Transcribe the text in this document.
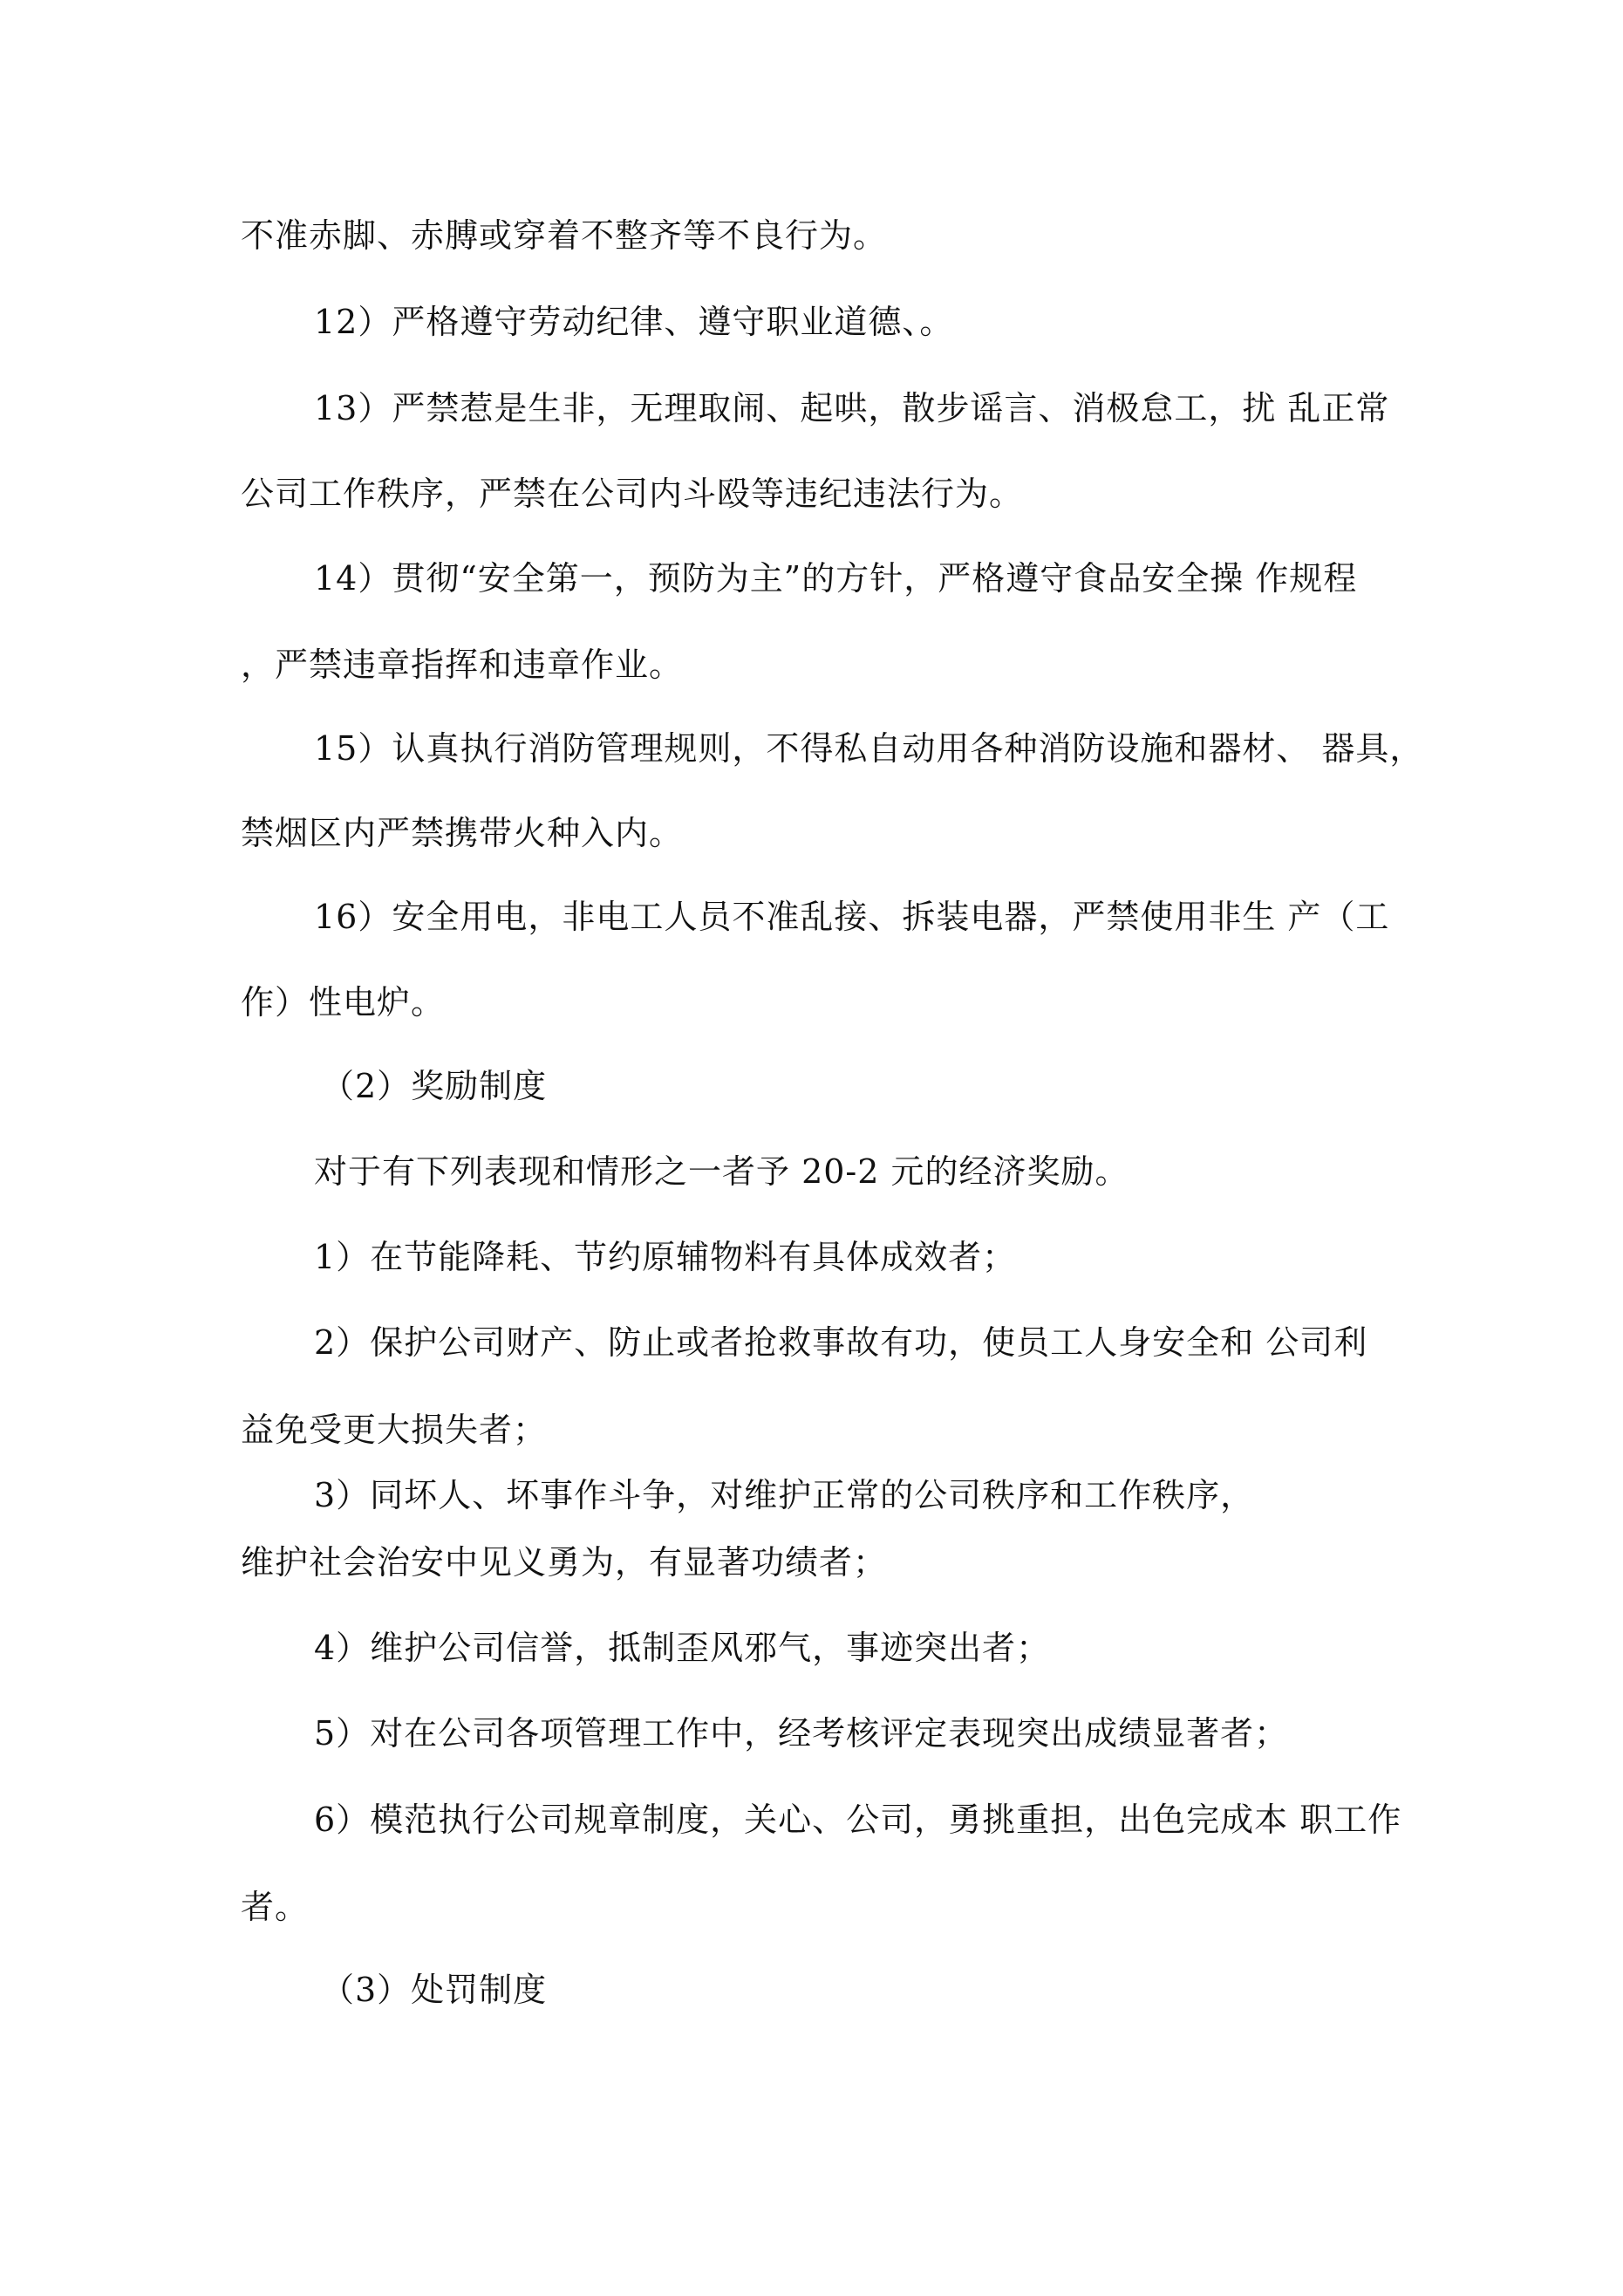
不准赤脚、赤膊或穿着不整齐等不良行为。
12）严格遵守劳动纪律、遵守职业道德、。
13）严禁惹是生非，无理取闹、起哄，散步谣言、消极怠工，扰 乱正常
公司工作秩序，严禁在公司内斗殴等违纪违法行为。
14）贯彻“安全第一，预防为主”的方针，严格遵守食品安全操 作规程
，严禁违章指挥和违章作业。
15）认真执行消防管理规则，不得私自动用各种消防设施和器材、 器具，
禁烟区内严禁携带火种入内。
16）安全用电，非电工人员不准乱接、拆装电器，严禁使用非生 产（工
作）性电炉。
（2）奖励制度
对于有下列表现和情形之一者予 20-2 元的经济奖励。
1）在节能降耗、节约原辅物料有具体成效者；
2）保护公司财产、防止或者抢救事故有功，使员工人身安全和 公司利
益免受更大损失者；
3）同坏人、坏事作斗争，对维护正常的公司秩序和工作秩序，
维护社会治安中见义勇为，有显著功绩者；
4）维护公司信誉，抵制歪风邪气，事迹突出者；
5）对在公司各项管理工作中，经考核评定表现突出成绩显著者；
6）模范执行公司规章制度，关心、公司，勇挑重担，出色完成本 职工作
者。
（3）处罚制度
